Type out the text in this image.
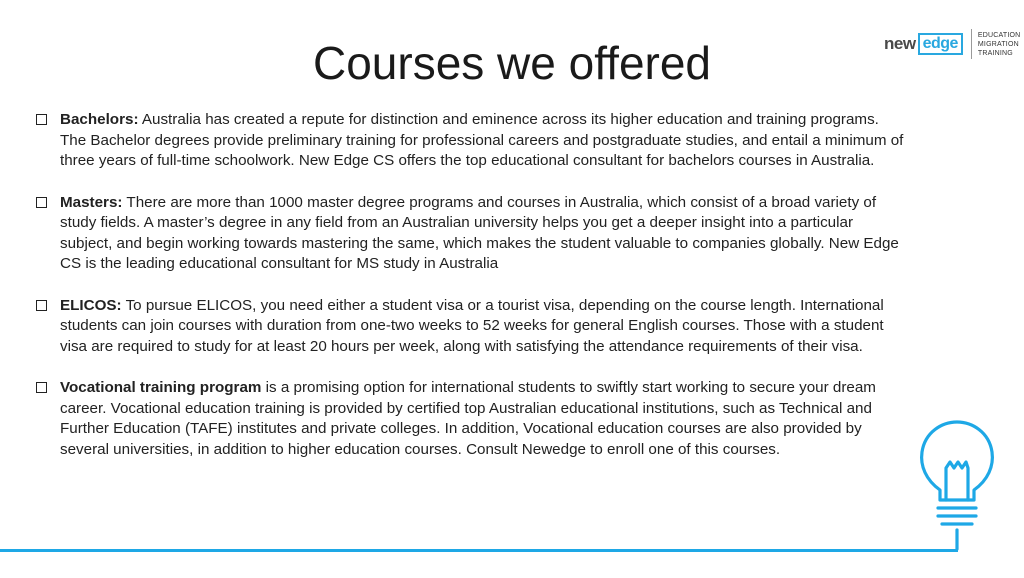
Courses we offered	new edge	EDUCATION
MIGRATION
TRAINING
Bachelors: Australia has created a repute for distinction and eminence across its higher education and training programs. The Bachelor degrees provide preliminary training for professional careers and postgraduate studies, and entail a minimum of three years of full-time schoolwork. New Edge CS offers the top educational consultant for bachelors courses in Australia.
Masters: There are more than 1000 master degree programs and courses in Australia, which consist of a broad variety of study fields. A master’s degree in any field from an Australian university helps you get a deeper insight into a particular subject, and begin working towards mastering the same, which makes the student valuable to companies globally. New Edge CS is the leading educational consultant for MS study in Australia
ELICOS: To pursue ELICOS, you need either a student visa or a tourist visa, depending on the course length. International students can join courses with duration from one-two weeks to 52 weeks for general English courses. Those with a student visa are required to study for at least 20 hours per week, along with satisfying the attendance requirements of their visa.
Vocational training program is a promising option for international students to swiftly start working to secure your dream career. Vocational education training is provided by certified top Australian educational institutions, such as Technical and Further Education (TAFE) institutes and private colleges. In addition, Vocational education courses are also provided by several universities, in addition to higher education courses. Consult Newedge to enroll one of this courses.
